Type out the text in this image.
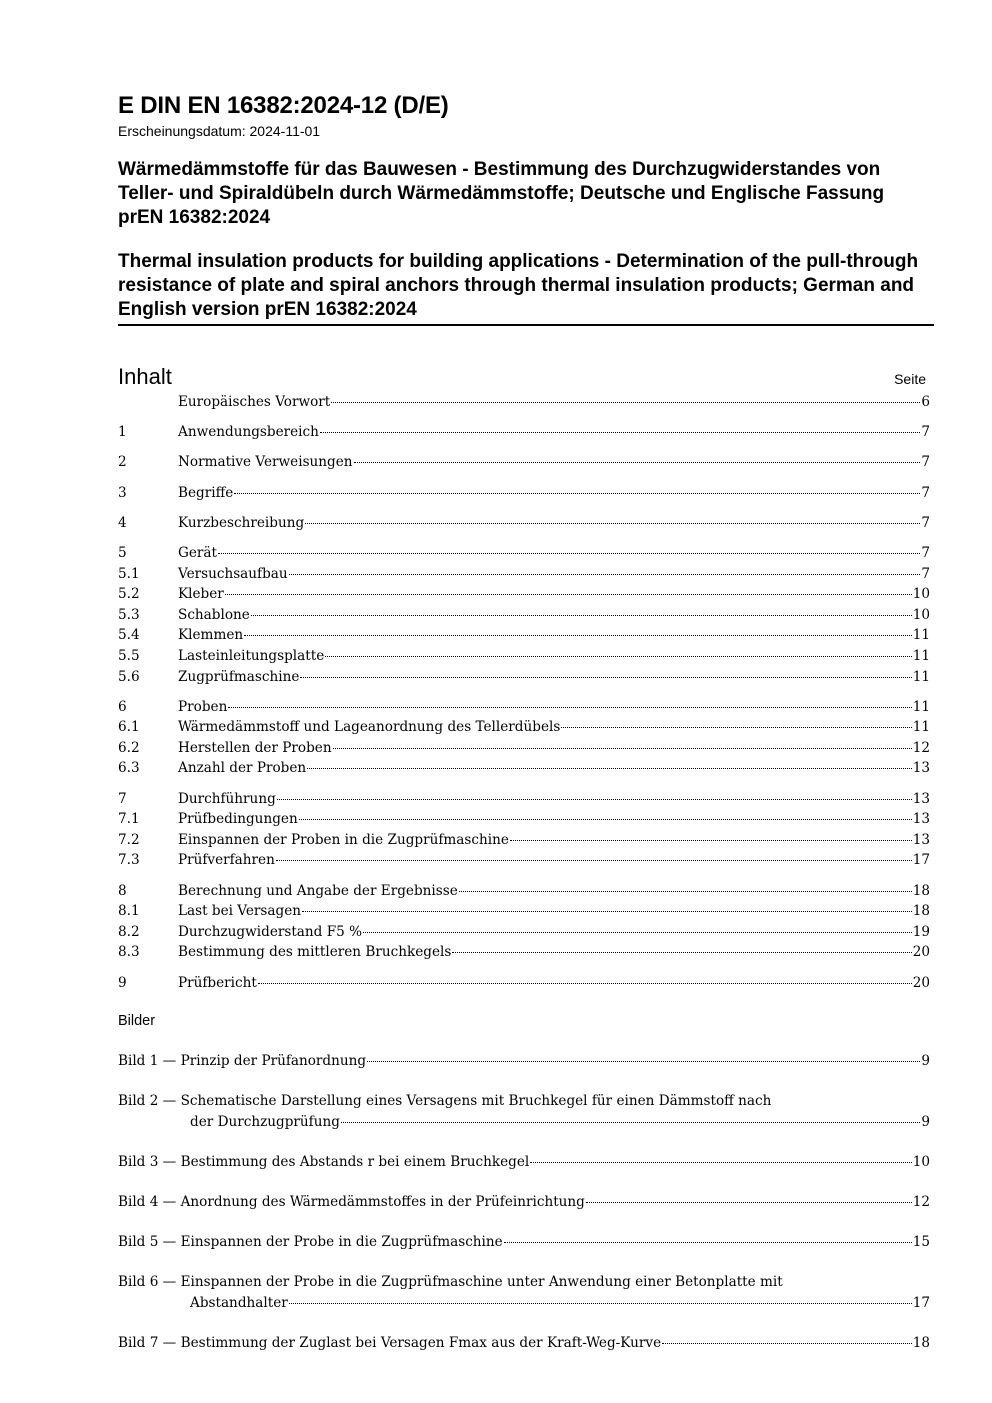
E DIN EN 16382:2024-12 (D/E)
Erscheinungsdatum: 2024-11-01
Wärmedämmstoffe für das Bauwesen - Bestimmung des Durchzugwiderstandes von Teller- und Spiraldübeln durch Wärmedämmstoffe; Deutsche und Englische Fassung prEN 16382:2024
Thermal insulation products for building applications - Determination of the pull-through resistance of plate and spiral anchors through thermal insulation products; German and English version prEN 16382:2024
Inhalt	Seite
Europäisches Vorwort	6
1	Anwendungsbereich	7
2	Normative Verweisungen	7
3	Begriffe	7
4	Kurzbeschreibung	7
5	Gerät	7
5.1	Versuchsaufbau	7
5.2	Kleber	10
5.3	Schablone	10
5.4	Klemmen	11
5.5	Lasteinleitungsplatte	11
5.6	Zugprüfmaschine	11
6	Proben	11
6.1	Wärmedämmstoff und Lageanordnung des Tellerdübels	11
6.2	Herstellen der Proben	12
6.3	Anzahl der Proben	13
7	Durchführung	13
7.1	Prüfbedingungen	13
7.2	Einspannen der Proben in die Zugprüfmaschine	13
7.3	Prüfverfahren	17
8	Berechnung und Angabe der Ergebnisse	18
8.1	Last bei Versagen	18
8.2	Durchzugwiderstand F5 %	19
8.3	Bestimmung des mittleren Bruchkegels	20
9	Prüfbericht	20
Bilder
Bild 1 — Prinzip der Prüfanordnung	9
Bild 2 — Schematische Darstellung eines Versagens mit Bruchkegel für einen Dämmstoff nach
der Durchzugprüfung	9
Bild 3 — Bestimmung des Abstands r bei einem Bruchkegel	10
Bild 4 — Anordnung des Wärmedämmstoffes in der Prüfeinrichtung	12
Bild 5 — Einspannen der Probe in die Zugprüfmaschine	15
Bild 6 — Einspannen der Probe in die Zugprüfmaschine unter Anwendung einer Betonplatte mit
Abstandhalter	17
Bild 7 — Bestimmung der Zuglast bei Versagen Fmax aus der Kraft-Weg-Kurve	18
